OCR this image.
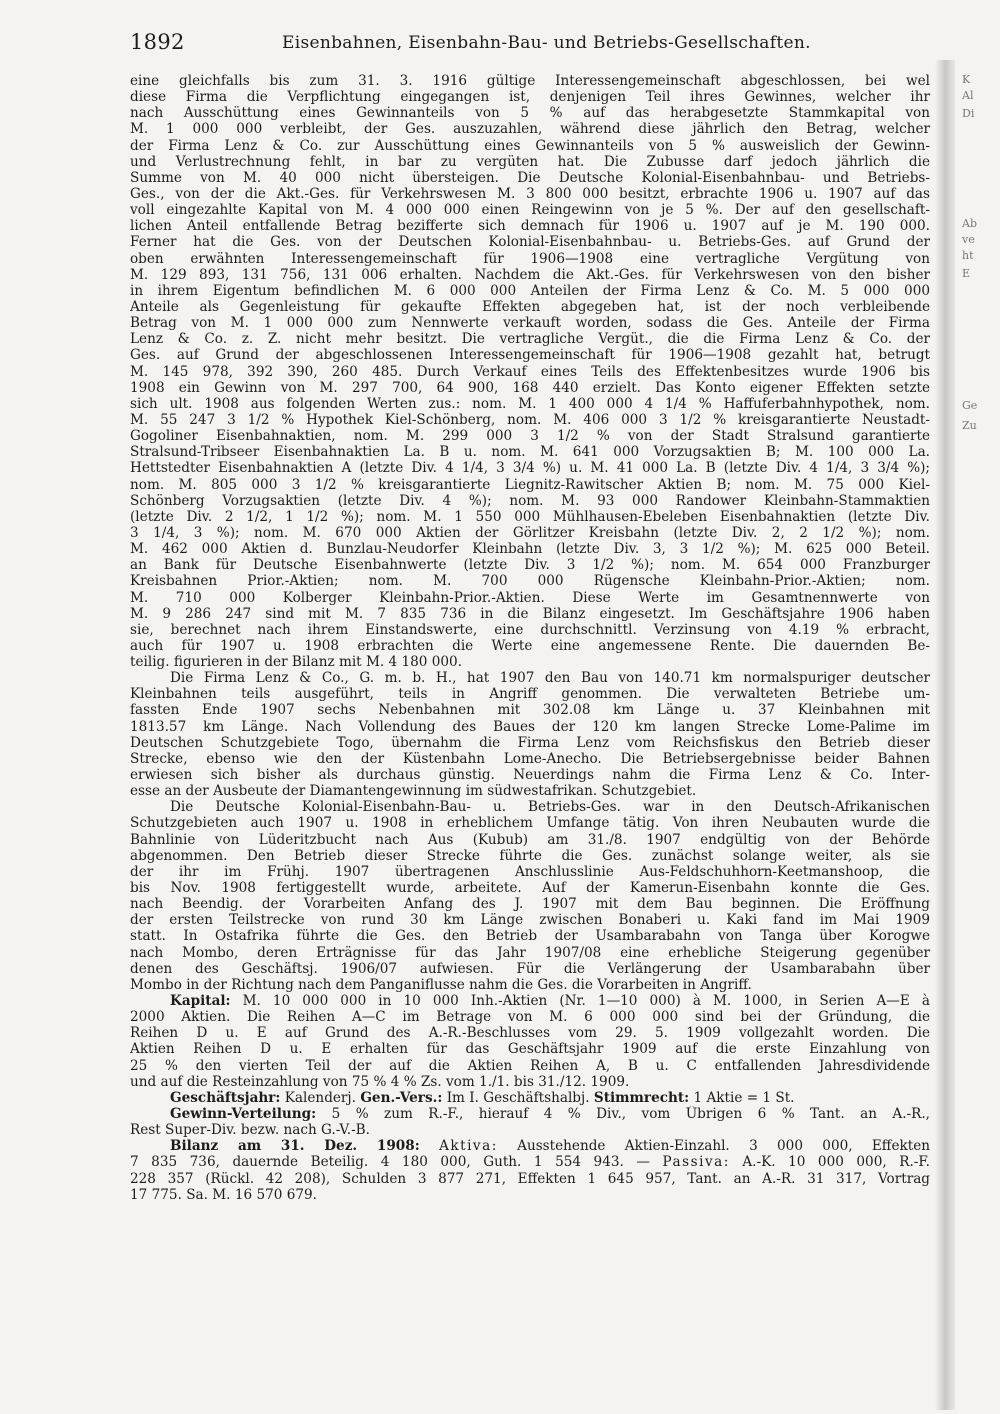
1892	Eisenbahnen, Eisenbahn-Bau- und Betriebs-Gesellschaften.
K
Ab
Di
Al
ve
ht
E
Ge
Zu
eine gleichfalls bis zum 31. 3. 1916 gültige Interessengemeinschaft abgeschlossen, bei wel
diese Firma die Verpflichtung eingegangen ist, denjenigen Teil ihres Gewinnes, welcher ihr
nach Ausschüttung eines Gewinnanteils von 5 % auf das herabgesetzte Stammkapital von
M. 1 000 000 verbleibt, der Ges. auszuzahlen, während diese jährlich den Betrag, welcher
der Firma Lenz & Co. zur Ausschüttung eines Gewinnanteils von 5 % ausweislich der Gewinn-
und Verlustrechnung fehlt, in bar zu vergüten hat. Die Zubusse darf jedoch jährlich die
Summe von M. 40 000 nicht übersteigen. Die Deutsche Kolonial-Eisenbahnbau- und Betriebs-
Ges., von der die Akt.-Ges. für Verkehrswesen M. 3 800 000 besitzt, erbrachte 1906 u. 1907 auf das
voll eingezahlte Kapital von M. 4 000 000 einen Reingewinn von je 5 %. Der auf den gesellschaft-
lichen Anteil entfallende Betrag bezifferte sich demnach für 1906 u. 1907 auf je M. 190 000.
Ferner hat die Ges. von der Deutschen Kolonial-Eisenbahnbau- u. Betriebs-Ges. auf Grund der
oben erwähnten Interessengemeinschaft für 1906—1908 eine vertragliche Vergütung von
M. 129 893, 131 756, 131 006 erhalten. Nachdem die Akt.-Ges. für Verkehrswesen von den bisher
in ihrem Eigentum befindlichen M. 6 000 000 Anteilen der Firma Lenz & Co. M. 5 000 000
Anteile als Gegenleistung für gekaufte Effekten abgegeben hat, ist der noch verbleibende
Betrag von M. 1 000 000 zum Nennwerte verkauft worden, sodass die Ges. Anteile der Firma
Lenz & Co. z. Z. nicht mehr besitzt. Die vertragliche Vergüt., die die Firma Lenz & Co. der
Ges. auf Grund der abgeschlossenen Interessengemeinschaft für 1906—1908 gezahlt hat, betrugt
M. 145 978, 392 390, 260 485. Durch Verkauf eines Teils des Effektenbesitzes wurde 1906 bis
1908 ein Gewinn von M. 297 700, 64 900, 168 440 erzielt. Das Konto eigener Effekten setzte
sich ult. 1908 aus folgenden Werten zus.: nom. M. 1 400 000 4 1/4 % Haffuferbahnhypothek, nom.
M. 55 247 3 1/2 % Hypothek Kiel-Schönberg, nom. M. 406 000 3 1/2 % kreisgarantierte Neustadt-
Gogoliner Eisenbahnaktien, nom. M. 299 000 3 1/2 % von der Stadt Stralsund garantierte
Stralsund-Tribseer Eisenbahnaktien La. B u. nom. M. 641 000 Vorzugsaktien B; M. 100 000 La.
Hettstedter Eisenbahnaktien A (letzte Div. 4 1/4, 3 3/4 %) u. M. 41 000 La. B (letzte Div. 4 1/4, 3 3/4 %);
nom. M. 805 000 3 1/2 % kreisgarantierte Liegnitz-Rawitscher Aktien B; nom. M. 75 000 Kiel-
Schönberg Vorzugsaktien (letzte Div. 4 %); nom. M. 93 000 Randower Kleinbahn-Stammaktien
(letzte Div. 2 1/2, 1 1/2 %); nom. M. 1 550 000 Mühlhausen-Ebeleben Eisenbahnaktien (letzte Div.
3 1/4, 3 %); nom. M. 670 000 Aktien der Görlitzer Kreisbahn (letzte Div. 2, 2 1/2 %); nom.
M. 462 000 Aktien d. Bunzlau-Neudorfer Kleinbahn (letzte Div. 3, 3 1/2 %); M. 625 000 Beteil.
an Bank für Deutsche Eisenbahnwerte (letzte Div. 3 1/2 %); nom. M. 654 000 Franzburger
Kreisbahnen Prior.-Aktien; nom. M. 700 000 Rügensche Kleinbahn-Prior.-Aktien; nom.
M. 710 000 Kolberger Kleinbahn-Prior.-Aktien. Diese Werte im Gesamtnennwerte von
M. 9 286 247 sind mit M. 7 835 736 in die Bilanz eingesetzt. Im Geschäftsjahre 1906 haben
sie, berechnet nach ihrem Einstandswerte, eine durchschnittl. Verzinsung von 4.19 % erbracht,
auch für 1907 u. 1908 erbrachten die Werte eine angemessene Rente. Die dauernden Be-
teilig. figurieren in der Bilanz mit M. 4 180 000.
Die Firma Lenz & Co., G. m. b. H., hat 1907 den Bau von 140.71 km normalspuriger deutscher
Kleinbahnen teils ausgeführt, teils in Angriff genommen. Die verwalteten Betriebe um-
fassten Ende 1907 sechs Nebenbahnen mit 302.08 km Länge u. 37 Kleinbahnen mit
1813.57 km Länge. Nach Vollendung des Baues der 120 km langen Strecke Lome-Palime im
Deutschen Schutzgebiete Togo, übernahm die Firma Lenz vom Reichsfiskus den Betrieb dieser
Strecke, ebenso wie den der Küstenbahn Lome-Anecho. Die Betriebsergebnisse beider Bahnen
erwiesen sich bisher als durchaus günstig. Neuerdings nahm die Firma Lenz & Co. Inter-
esse an der Ausbeute der Diamantengewinnung im südwestafrikan. Schutzgebiet.
Die Deutsche Kolonial-Eisenbahn-Bau- u. Betriebs-Ges. war in den Deutsch-Afrikanischen
Schutzgebieten auch 1907 u. 1908 in erheblichem Umfange tätig. Von ihren Neubauten wurde die
Bahnlinie von Lüderitzbucht nach Aus (Kubub) am 31./8. 1907 endgültig von der Behörde
abgenommen. Den Betrieb dieser Strecke führte die Ges. zunächst solange weiter, als sie
der ihr im Frühj. 1907 übertragenen Anschlusslinie Aus-Feldschuhhorn-Keetmanshoop, die
bis Nov. 1908 fertiggestellt wurde, arbeitete. Auf der Kamerun-Eisenbahn konnte die Ges.
nach Beendig. der Vorarbeiten Anfang des J. 1907 mit dem Bau beginnen. Die Eröffnung
der ersten Teilstrecke von rund 30 km Länge zwischen Bonaberi u. Kaki fand im Mai 1909
statt. In Ostafrika führte die Ges. den Betrieb der Usambarabahn von Tanga über Korogwe
nach Mombo, deren Erträgnisse für das Jahr 1907/08 eine erhebliche Steigerung gegenüber
denen des Geschäftsj. 1906/07 aufwiesen. Für die Verlängerung der Usambarabahn über
Mombo in der Richtung nach dem Panganiflusse nahm die Ges. die Vorarbeiten in Angriff.
Kapital: M. 10 000 000 in 10 000 Inh.-Aktien (Nr. 1—10 000) à M. 1000, in Serien A—E à
2000 Aktien. Die Reihen A—C im Betrage von M. 6 000 000 sind bei der Gründung, die
Reihen D u. E auf Grund des A.-R.-Beschlusses vom 29. 5. 1909 vollgezahlt worden. Die
Aktien Reihen D u. E erhalten für das Geschäftsjahr 1909 auf die erste Einzahlung von
25 % den vierten Teil der auf die Aktien Reihen A, B u. C entfallenden Jahresdividende
und auf die Resteinzahlung von 75 % 4 % Zs. vom 1./1. bis 31./12. 1909.
Geschäftsjahr: Kalenderj. Gen.-Vers.: Im I. Geschäftshalbj. Stimmrecht: 1 Aktie = 1 St.
Gewinn-Verteilung: 5 % zum R.-F., hierauf 4 % Div., vom Übrigen 6 % Tant. an A.-R.,
Rest Super-Div. bezw. nach G.-V.-B.
Bilanz am 31. Dez. 1908: Aktiva: Ausstehende Aktien-Einzahl. 3 000 000, Effekten
7 835 736, dauernde Beteilig. 4 180 000, Guth. 1 554 943. — Passiva: A.-K. 10 000 000, R.-F.
228 357 (Rückl. 42 208), Schulden 3 877 271, Effekten 1 645 957, Tant. an A.-R. 31 317, Vortrag
17 775. Sa. M. 16 570 679.
